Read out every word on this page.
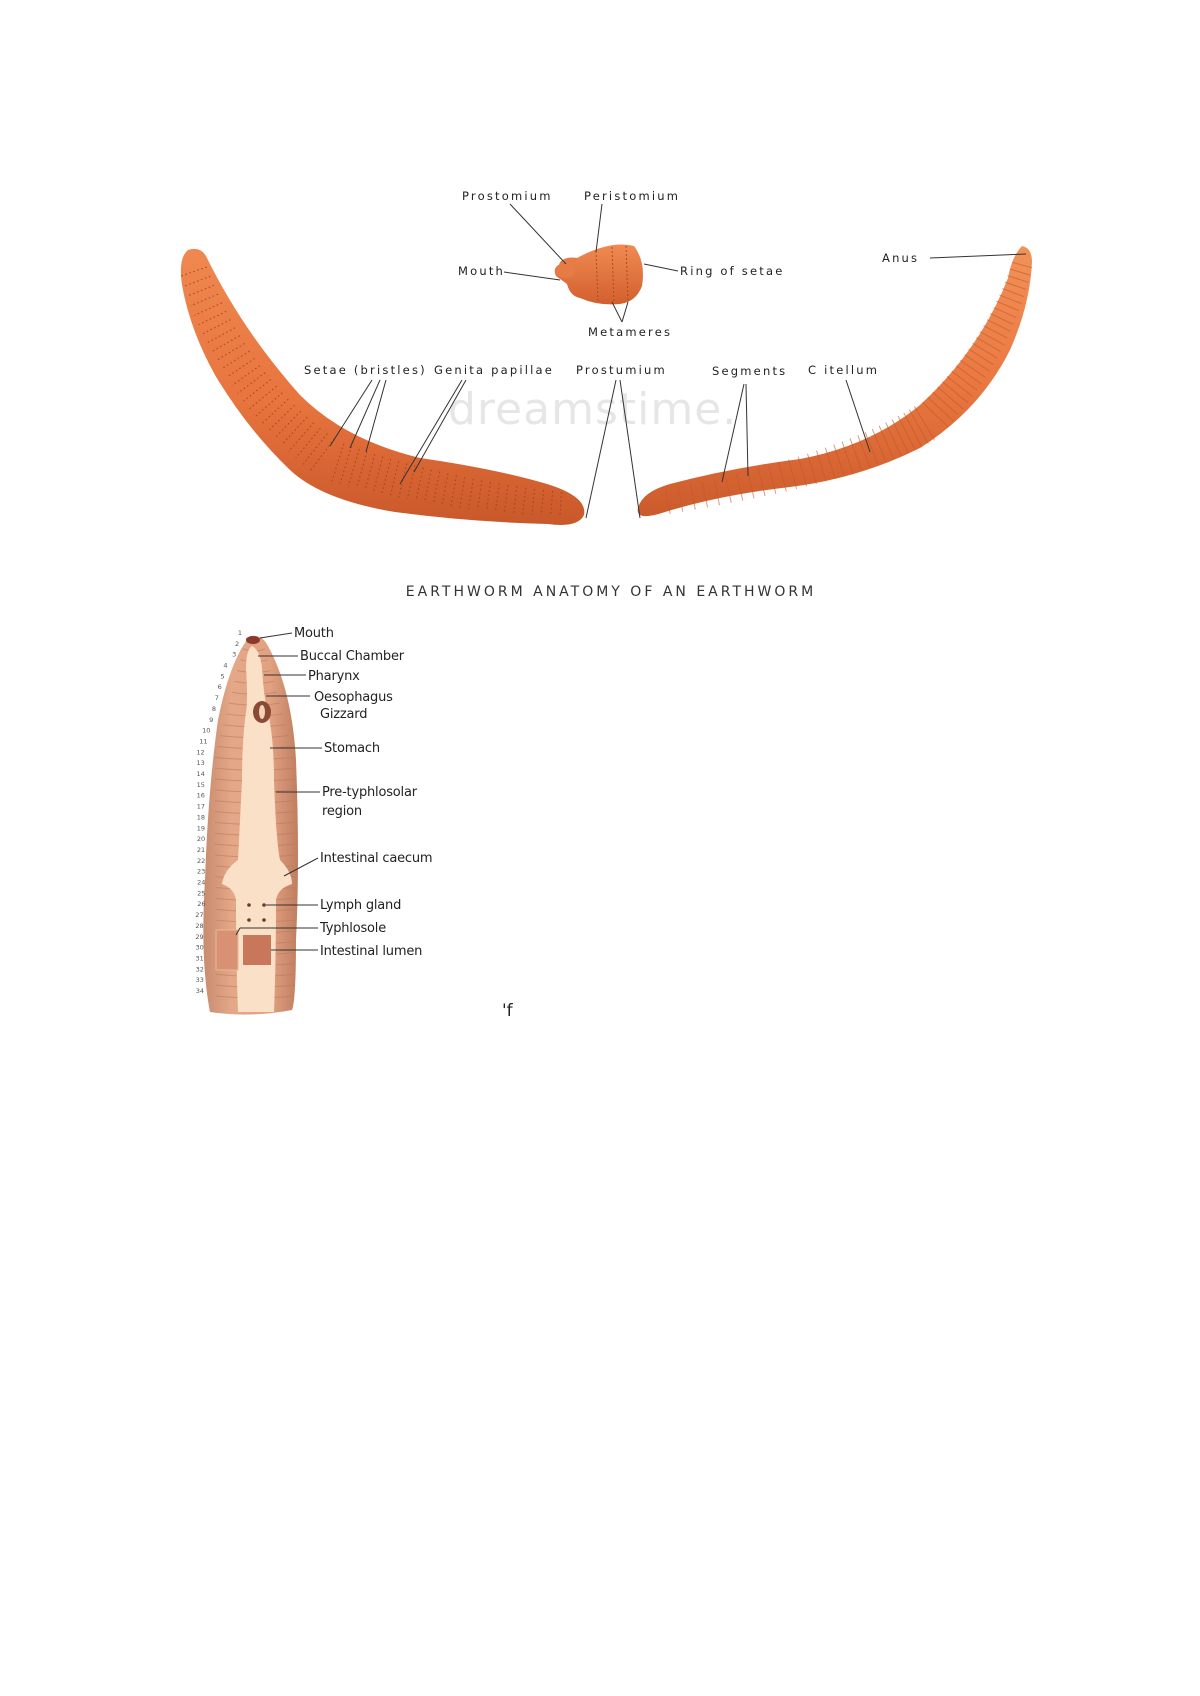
dreamstime.
Prostomium	Peristomium
Mouth	Ring of setae
Metameres
Anus
Setae (bristles) Genita papillae Prostumium	Segments C itellum
EARTHWORM ANATOMY OF AN EARTHWORM
1
2
3
4
5
6
7
8
9
10
11
12
13
14
15
16
17
18
19
20
21
22
23
24
25
26
27
28
29
30
31
32
33
34
Mouth
Buccal Chamber
Pharynx
Oesophagus
Gizzard
Stomach
Pre-typhlosolar
region
Intestinal caecum
Lymph gland
Typhlosole
Intestinal lumen
'f
